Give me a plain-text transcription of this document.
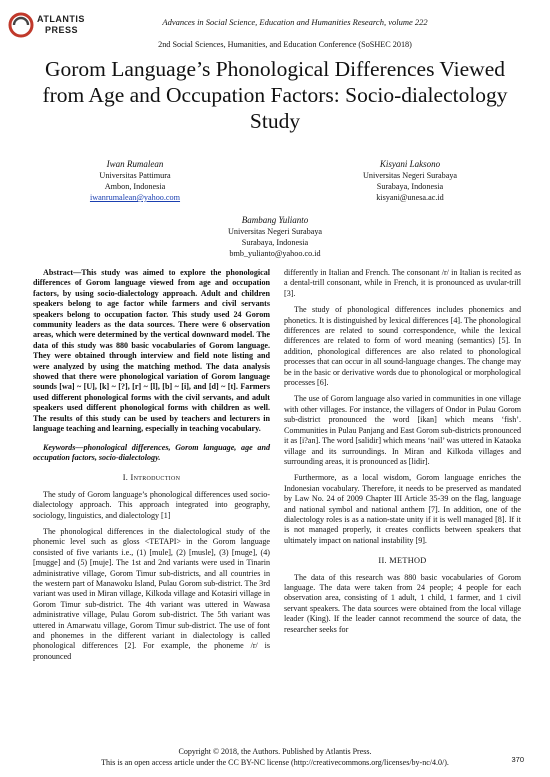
ATLANTIS
PRESS
Advances in Social Science, Education and Humanities Research, volume 222
2nd Social Sciences, Humanities, and Education Conference (SoSHEC 2018)
Gorom Language’s Phonological Differences Viewed from Age and Occupation Factors: Socio-dialectology Study
Iwan Rumalean
Universitas Pattimura
Ambon, Indonesia
iwanrumalean@yahoo.com
Kisyani Laksono
Universitas Negeri Surabaya
Surabaya, Indonesia
kisyani@unesa.ac.id
Bambang Yulianto
Universitas Negeri Surabaya
Surabaya, Indonesia
bmb_yulianto@yahoo.co.id

Abstract—This study was aimed to explore the phonological differences of Gorom language viewed from age and occupation factors, by using socio-dialectology approach. Adult and children speakers belong to age factor while farmers and civil servants speakers belong to occupation factor. This study used 24 Gorom community leaders as the data sources. There were 6 observation areas, which were determined by the vertical downward model. The data of this study was 880 basic vocabularies of Gorom language. They were obtained through interview and field note listing and were analyzed by using the matching method. The data analysis showed that there were phonological variation of Gorom language sounds [wa] ~ [U], [k] ~ [?], [r] ~ [l], [b] ~ [i], and [d] ~ [t]. Farmers used different phonological forms with the civil servants, and adult speakers used different phonological forms with children as well. The results of this study can be used by teachers and lecturers in language teaching and learning, especially in teaching vocabulary.

Keywords—phonological differences, Gorom language, age and occupation factors, socio-dialectology.

I. Introduction

The study of Gorom language’s phonological differences used socio-dialectology approach. This approach integrated into geography, sociology, linguistics, and dialectology [1]

The phonological differences in the dialectological study of the phonemic level such as gloss <TETAPI> in the Gorom language consisted of five variants i.e., (1) [mule], (2) [musle], (3) [muge], (4) [mugge] and (5) [muje]. The 1st and 2nd variants were used in Tinarin administrative village, Gorom Timur sub-districts, and all countries in the western part of Manawoku Island, Pulau Gorom sub-district. The 3rd variant was used in Miran village, Kilkoda village and Kotasiri village in Gorom Timur sub-district. The 4th variant was uttered in Wawasa administrative village, Pulau Gorom sub-district. The 5th variant was uttered in Amarwatu village, Gorom Timur sub-district. The use of font and phonemes in the different variant in dialectology is called phonological differences [2]. For example, the phoneme /r/ is pronounced

differently in Italian and French. The consonant /r/ in Italian is recited as a dental-trill consonant, while in French, it is pronounced as uvular-trill [3].

The study of phonological differences includes phonemics and phonetics. It is distinguished by lexical differences [4]. The phonological differences are related to sound correspondence, while the lexical differences are related to form of word meaning (semantics) [5]. In addition, phonological differences are also related to phonological processes that can occur in all sound-language changes. The change may be in the basic or derivative words due to phonological or morphological processes [6].

The use of Gorom language also varied in communities in one village with other villages. For instance, the villagers of Ondor in Pulau Gorom sub-district pronounced the word [ikan] which means ‘fish’. Communities in Pulau Panjang and East Gorom sub-districts pronounced it as [i?an]. The word [salidir] which means ‘nail’ was uttered in Kataoka village and its surroundings. In Miran and Kilkoda villages and surrounding areas, it is pronounced as [lidir].

Furthermore, as a local wisdom, Gorom language enriches the Indonesian vocabulary. Therefore, it needs to be preserved as mandated by Law No. 24 of 2009 Chapter III Article 35-39 on the flag, language and national symbol and national anthem [7]. In addition, one of the dialectology roles is as a nation-state unity if it is well managed [8]. If it is not managed properly, it creates conflicts between speakers that ultimately impact on national instability [9].

II. METHOD

The data of this research was 880 basic vocabularies of Gorom language. The data were taken from 24 people; 4 people for each observation area, consisting of 1 adult, 1 child, 1 farmer, and 1 civil servant speakers. The data sources were obtained from the local village leader (King). If the leader cannot recommend the source of data, the researcher seeks for

Copyright © 2018, the Authors. Published by Atlantis Press.
This is an open access article under the CC BY-NC license (http://creativecommons.org/licenses/by-nc/4.0/).	370
